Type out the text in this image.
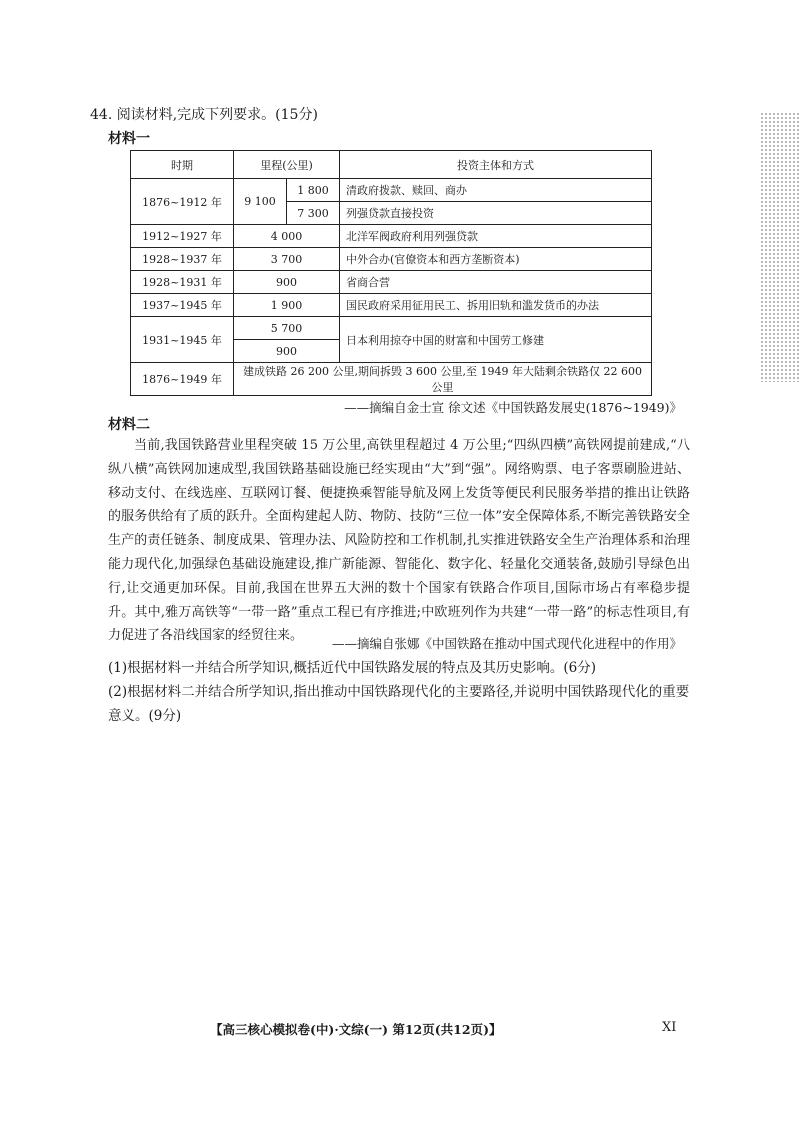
44. 阅读材料,完成下列要求。(15分)
材料一
时期	里程(公里)		投资主体和方式
1876~1912 年	9 100	1 800	清政府拨款、赎回、商办
		7 300	列强贷款直接投资
1912~1927 年	4 000		北洋军阀政府利用列强贷款
1928~1937 年	3 700		中外合办(官僚资本和西方垄断资本)
1928~1931 年	900		省商合营
1937~1945 年	1 900		国民政府采用征用民工、拆用旧轨和滥发货币的办法
1931~1945 年	5 700		日本利用掠夺中国的财富和中国劳工修建
	900		
1876~1949 年	建成铁路 26 200 公里,期间拆毁 3 600 公里,至 1949 年大陆剩余铁路仅 22 600 公里		
——摘编自金士宣 徐文述《中国铁路发展史(1876~1949)》
材料二

当前,我国铁路营业里程突破 15 万公里,高铁里程超过 4 万公里;“四纵四横”高铁网提前建成,“八纵八横”高铁网加速成型,我国铁路基础设施已经实现由“大”到“强”。网络购票、电子客票刷脸进站、移动支付、在线选座、互联网订餐、便捷换乘智能导航及网上发货等便民利民服务举措的推出让铁路的服务供给有了质的跃升。全面构建起人防、物防、技防“三位一体”安全保障体系,不断完善铁路安全生产的责任链条、制度成果、管理办法、风险防控和工作机制,扎实推进铁路安全生产治理体系和治理能力现代化,加强绿色基础设施建设,推广新能源、智能化、数字化、轻量化交通装备,鼓励引导绿色出行,让交通更加环保。目前,我国在世界五大洲的数十个国家有铁路合作项目,国际市场占有率稳步提升。其中,雅万高铁等“一带一路”重点工程已有序推进;中欧班列作为共建“一带一路”的标志性项目,有力促进了各沿线国家的经贸往来。

——摘编自张娜《中国铁路在推动中国式现代化进程中的作用》

(1)根据材料一并结合所学知识,概括近代中国铁路发展的特点及其历史影响。(6分)

(2)根据材料二并结合所学知识,指出推动中国铁路现代化的主要路径,并说明中国铁路现代化的重要意义。(9分)

【高三核心模拟卷(中)·文综(一) 第12页(共12页)】	XI
